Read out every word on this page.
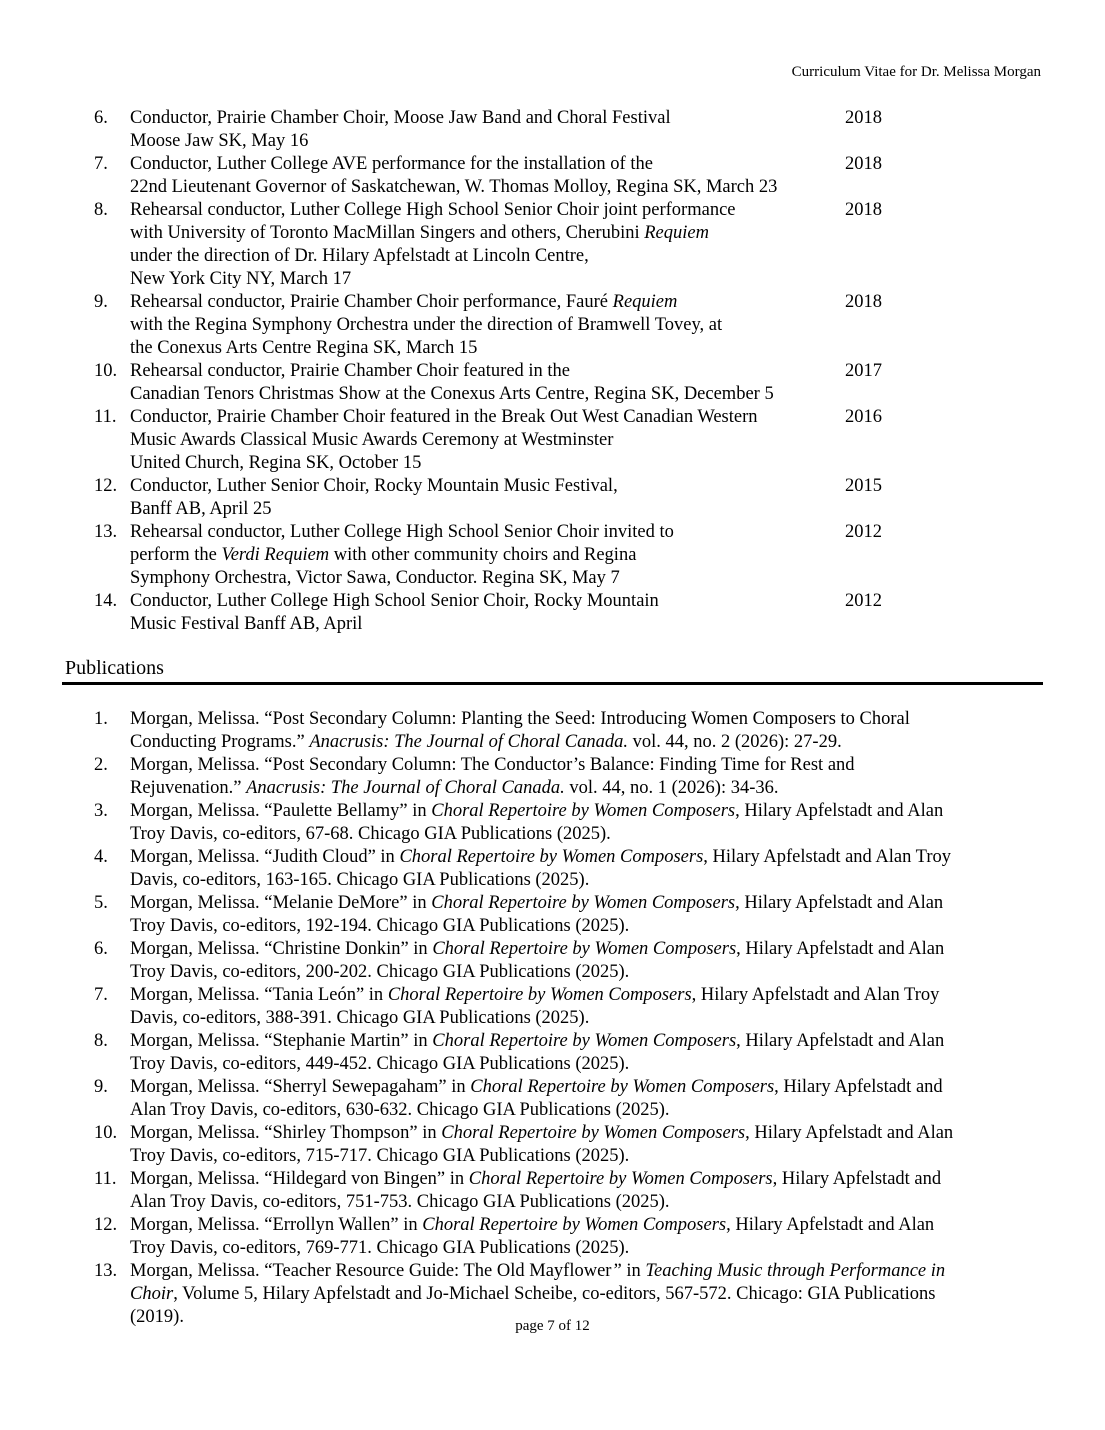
Curriculum Vitae for Dr. Melissa Morgan
6.	Conductor, Prairie Chamber Choir, Moose Jaw Band and Choral Festival
Moose Jaw SK, May 16
2018
7.	Conductor, Luther College AVE performance for the installation of the
22nd Lieutenant Governor of Saskatchewan, W. Thomas Molloy, Regina SK, March 23
2018
8.	Rehearsal conductor, Luther College High School Senior Choir joint performance
with University of Toronto MacMillan Singers and others, Cherubini Requiem
under the direction of Dr. Hilary Apfelstadt at Lincoln Centre,
New York City NY, March 17
2018
9.	Rehearsal conductor, Prairie Chamber Choir performance, Fauré Requiem
with the Regina Symphony Orchestra under the direction of Bramwell Tovey, at
the Conexus Arts Centre Regina SK, March 15
2018
10. Rehearsal conductor, Prairie Chamber Choir featured in the
Canadian Tenors Christmas Show at the Conexus Arts Centre, Regina SK, December 5
2017
11. Conductor, Prairie Chamber Choir featured in the Break Out West Canadian Western
Music Awards Classical Music Awards Ceremony at Westminster
United Church, Regina SK, October 15
2016
12. Conductor, Luther Senior Choir, Rocky Mountain Music Festival,
Banff AB, April 25
2015
13. Rehearsal conductor, Luther College High School Senior Choir invited to
perform the Verdi Requiem with other community choirs and Regina
Symphony Orchestra, Victor Sawa, Conductor. Regina SK, May 7
2012
14. Conductor, Luther College High School Senior Choir, Rocky Mountain
Music Festival Banff AB, April
2012
Publications
1.	Morgan, Melissa. “Post Secondary Column: Planting the Seed: Introducing Women Composers to Choral
Conducting Programs.” Anacrusis: The Journal of Choral Canada. vol. 44, no. 2 (2026): 27-29.
2.	Morgan, Melissa. “Post Secondary Column: The Conductor’s Balance: Finding Time for Rest and
Rejuvenation.” Anacrusis: The Journal of Choral Canada. vol. 44, no. 1 (2026): 34-36.
3.	Morgan, Melissa. “Paulette Bellamy” in Choral Repertoire by Women Composers, Hilary Apfelstadt and Alan
Troy Davis, co-editors, 67-68. Chicago GIA Publications (2025).
4.	Morgan, Melissa. “Judith Cloud” in Choral Repertoire by Women Composers, Hilary Apfelstadt and Alan Troy
Davis, co-editors, 163-165. Chicago GIA Publications (2025).
5.	Morgan, Melissa. “Melanie DeMore” in Choral Repertoire by Women Composers, Hilary Apfelstadt and Alan
Troy Davis, co-editors, 192-194. Chicago GIA Publications (2025).
6.	Morgan, Melissa. “Christine Donkin” in Choral Repertoire by Women Composers, Hilary Apfelstadt and Alan
Troy Davis, co-editors, 200-202. Chicago GIA Publications (2025).
7.	Morgan, Melissa. “Tania León” in Choral Repertoire by Women Composers, Hilary Apfelstadt and Alan Troy
Davis, co-editors, 388-391. Chicago GIA Publications (2025).
8.	Morgan, Melissa. “Stephanie Martin” in Choral Repertoire by Women Composers, Hilary Apfelstadt and Alan
Troy Davis, co-editors, 449-452. Chicago GIA Publications (2025).
9.	Morgan, Melissa. “Sherryl Sewepagaham” in Choral Repertoire by Women Composers, Hilary Apfelstadt and
Alan Troy Davis, co-editors, 630-632. Chicago GIA Publications (2025).
10. Morgan, Melissa. “Shirley Thompson” in Choral Repertoire by Women Composers, Hilary Apfelstadt and Alan
Troy Davis, co-editors, 715-717. Chicago GIA Publications (2025).
11. Morgan, Melissa. “Hildegard von Bingen” in Choral Repertoire by Women Composers, Hilary Apfelstadt and
Alan Troy Davis, co-editors, 751-753. Chicago GIA Publications (2025).
12. Morgan, Melissa. “Errollyn Wallen” in Choral Repertoire by Women Composers, Hilary Apfelstadt and Alan
Troy Davis, co-editors, 769-771. Chicago GIA Publications (2025).
13. Morgan, Melissa. “Teacher Resource Guide: The Old Mayflower” in Teaching Music through Performance in
Choir, Volume 5, Hilary Apfelstadt and Jo-Michael Scheibe, co-editors, 567-572. Chicago: GIA Publications
(2019).	page 7 of 12
